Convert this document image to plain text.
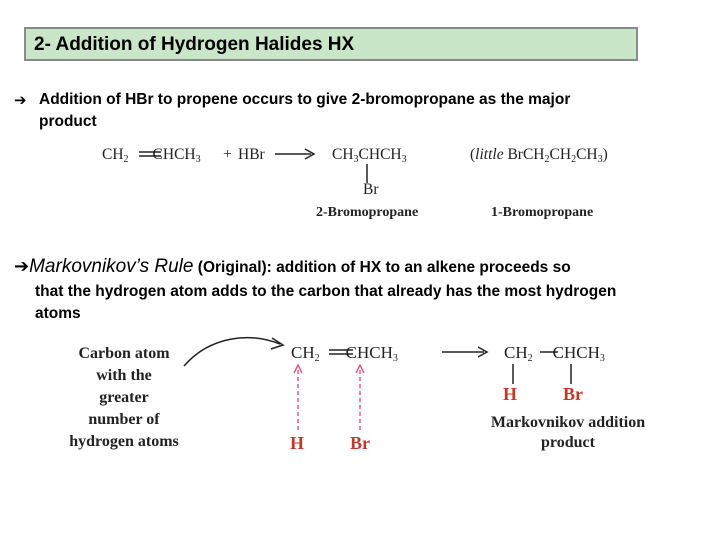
2- Addition of Hydrogen Halides HX
➔ Addition of HBr to propene occurs to give 2-bromopropane as the major
product
$CH_2$ $CHCH_3$ + HBr → $CH_3CHCH_3$
Br
(little $BrCH_2CH_2CH_3$)
2-Bromopropane	1-Bromopropane
➔Markovnikov’s Rule (Original): addition of HX to an alkene proceeds so
that the hydrogen atom adds to the carbon that already has the most hydrogen
atoms
Carbon atom
with the
greater
number of
hydrogen atoms
$CH_2$ $CHCH_3$
H	Br
→ $CH_2$ $CHCH_3$
H	Br
Markovnikov addition
product
